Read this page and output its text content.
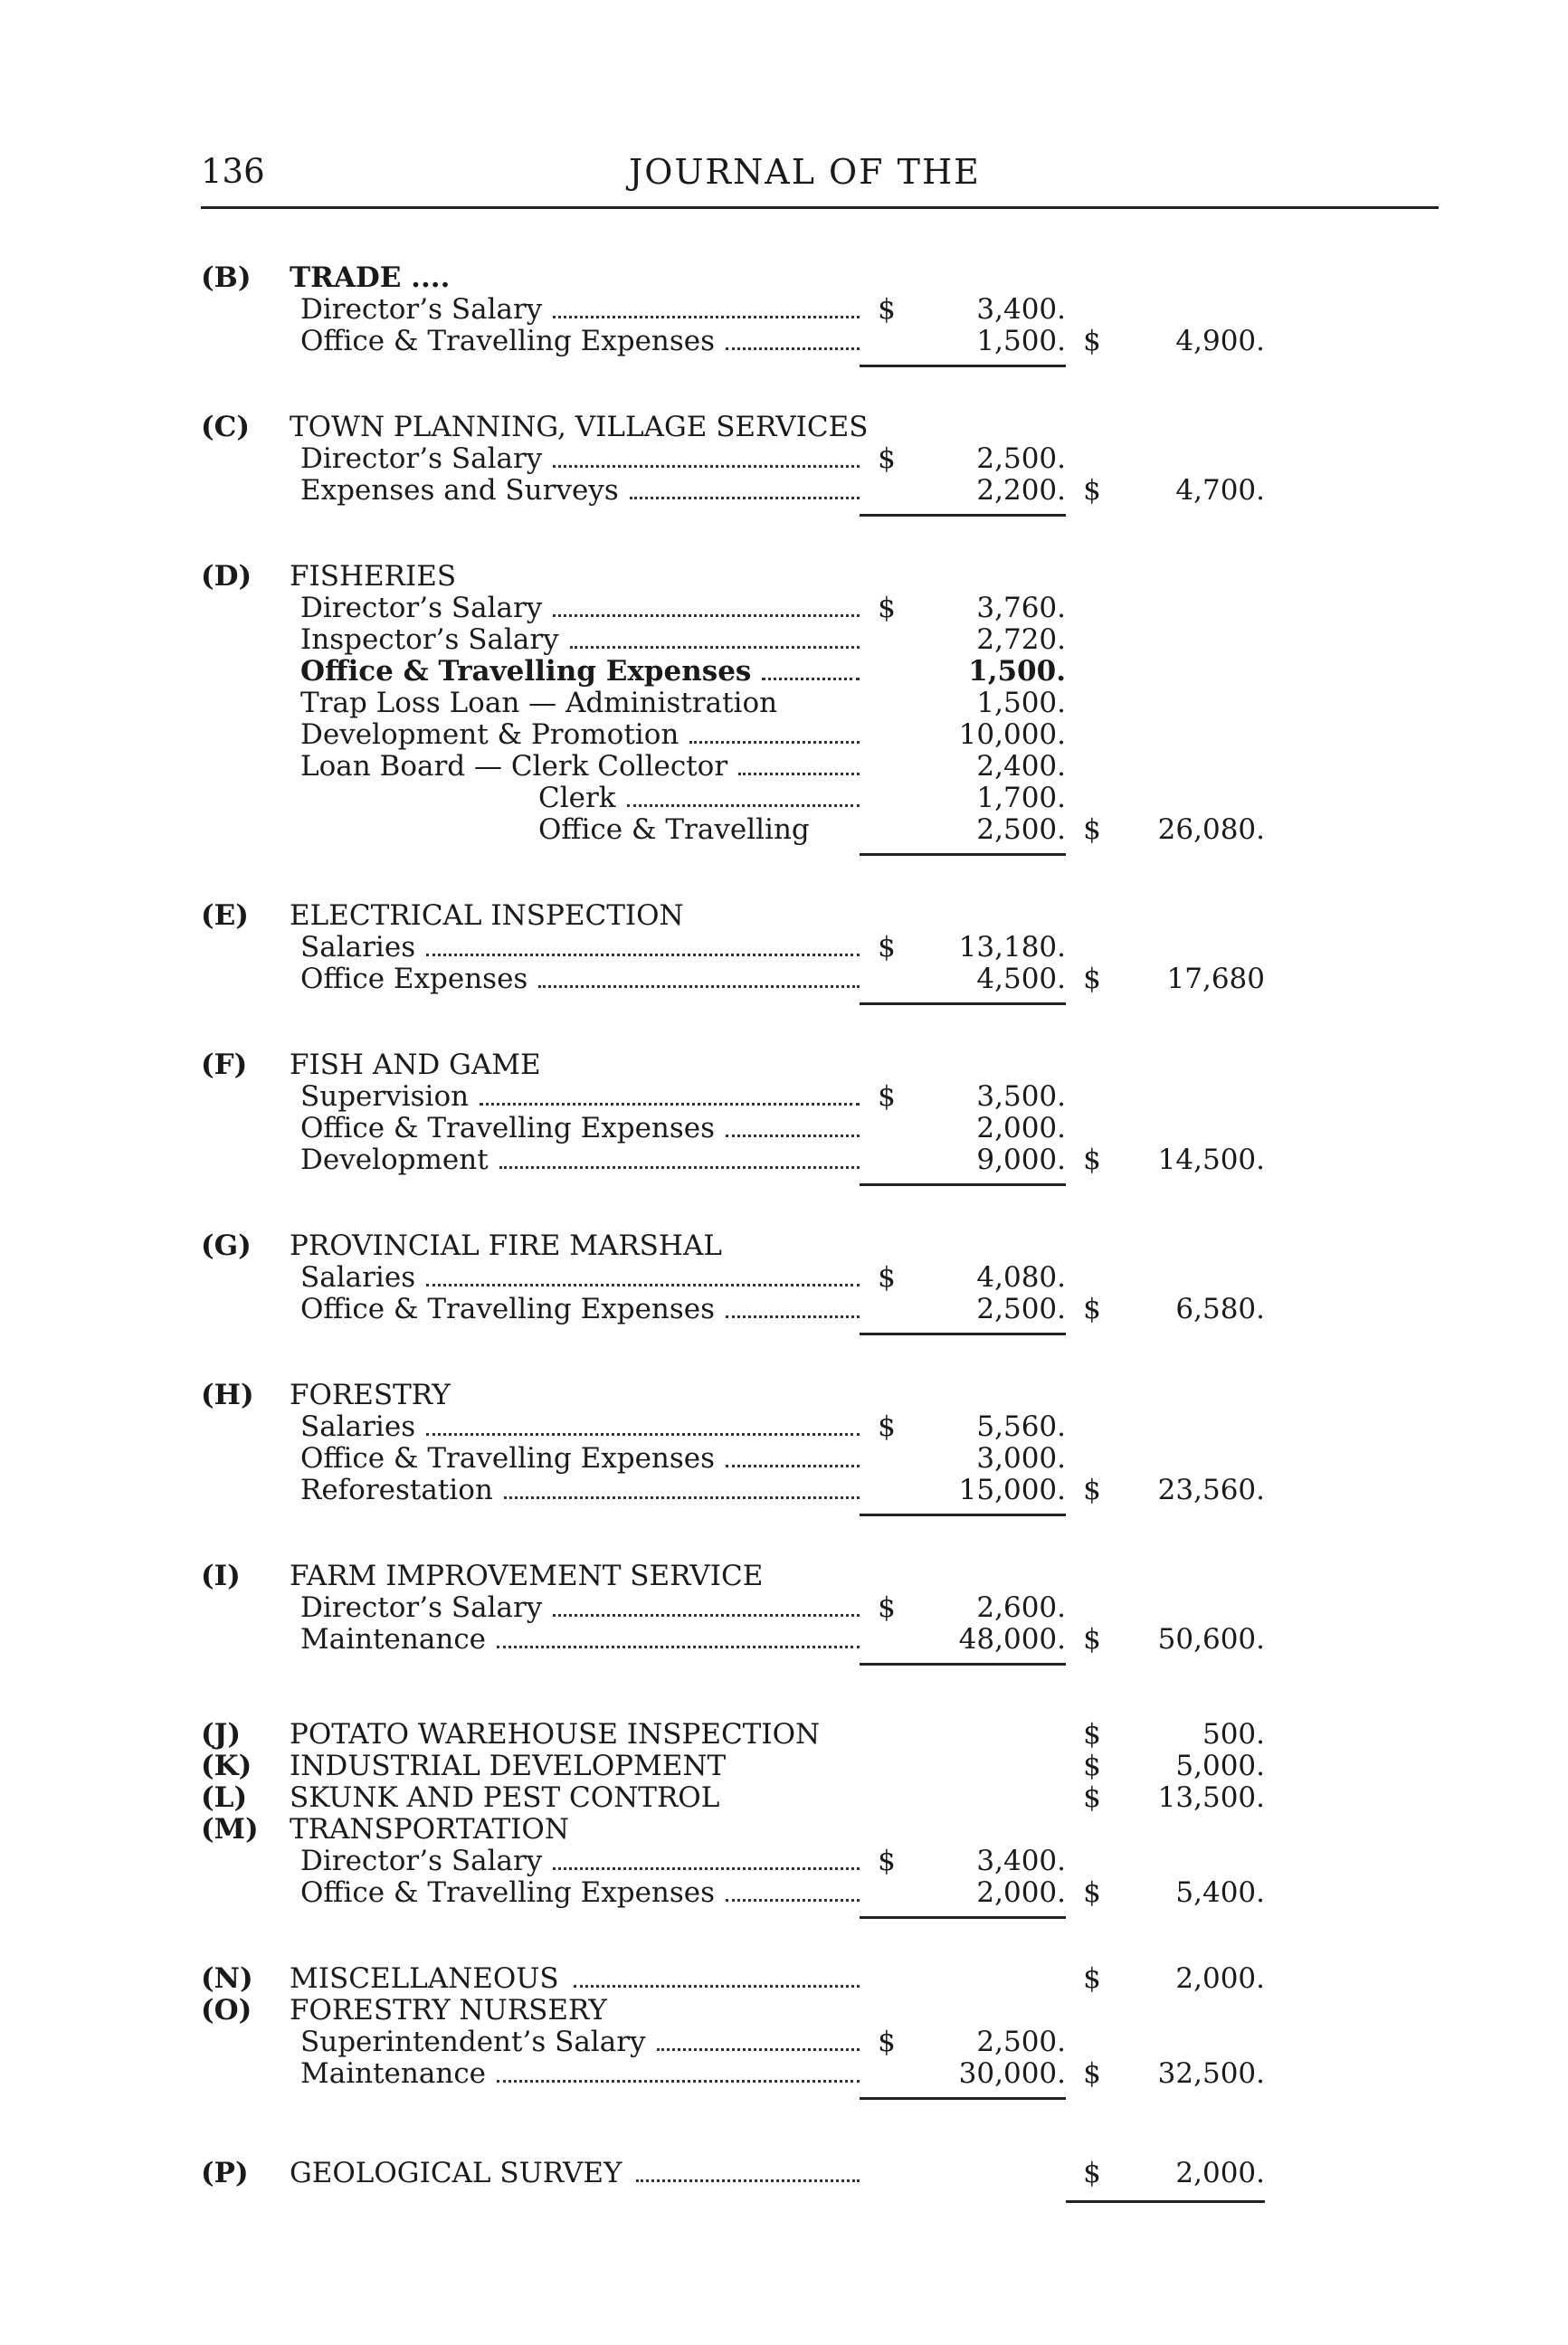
136	JOURNAL OF THE
(B) TRADE ....
Director’s Salary	$	3,400.
Office & Travelling Expenses	1,500. $	4,900.
(C) TOWN PLANNING, VILLAGE SERVICES
Director’s Salary	$	2,500.
Expenses and Surveys	2,200. $	4,700.
(D) FISHERIES
Director’s Salary	$	3,760.
Inspector’s Salary	2,720.
Office & Travelling Expenses	1,500.
Trap Loss Loan — Administration	1,500.
Development & Promotion	10,000.
Loan Board — Clerk Collector	2,400.
Clerk	1,700.
Office & Travelling	2,500. $	26,080.
(E) ELECTRICAL INSPECTION
Salaries	$	13,180.
Office Expenses	4,500. $	17,680
(F) FISH AND GAME
Supervision	$	3,500.
Office & Travelling Expenses	2,000.
Development	9,000. $	14,500.
(G) PROVINCIAL FIRE MARSHAL
Salaries	$	4,080.
Office & Travelling Expenses	2,500. $	6,580.
(H) FORESTRY
Salaries	$	5,560.
Office & Travelling Expenses	3,000.
Reforestation	15,000. $	23,560.
(I) FARM IMPROVEMENT SERVICE
Director’s Salary	$	2,600.
Maintenance	48,000. $	50,600.
(J) POTATO WAREHOUSE INSPECTION	$	500.
(K) INDUSTRIAL DEVELOPMENT	$	5,000.
(L) SKUNK AND PEST CONTROL	$	13,500.
(M) TRANSPORTATION
Director’s Salary	$	3,400.
Office & Travelling Expenses	2,000. $	5,400.
(N) MISCELLANEOUS	$	2,000.
(O) FORESTRY NURSERY
Superintendent’s Salary	$	2,500.
Maintenance	30,000. $	32,500.
(P) GEOLOGICAL SURVEY	$	2,000.
